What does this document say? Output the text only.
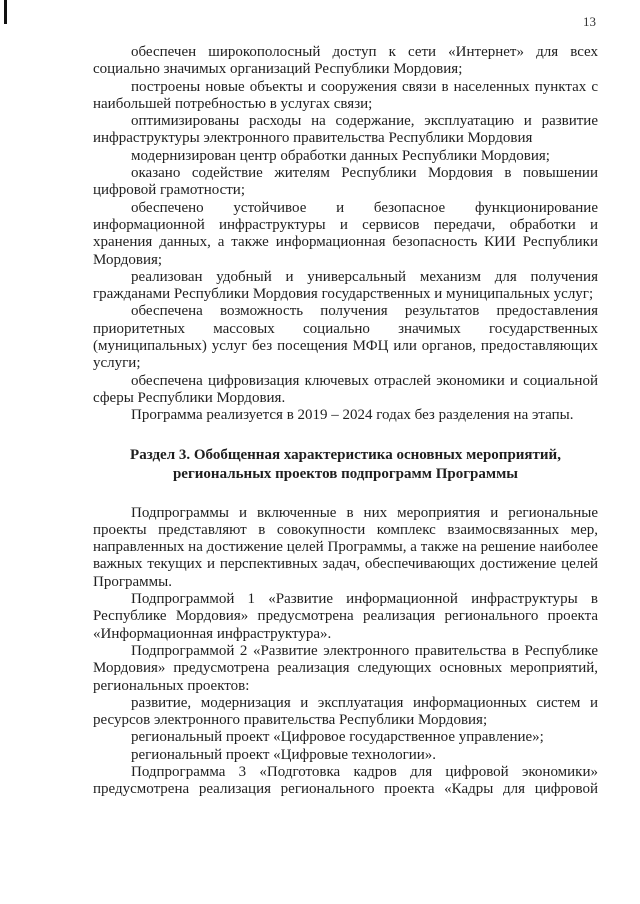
13

обеспечен широкополосный доступ к сети «Интернет» для всех социально значимых организаций Республики Мордовия;

построены новые объекты и сооружения связи в населенных пунктах с наибольшей потребностью в услугах связи;

оптимизированы расходы на содержание, эксплуатацию и развитие инфраструктуры электронного правительства Республики Мордовия

модернизирован центр обработки данных Республики Мордовия;

оказано содействие жителям Республики Мордовия в повышении цифровой грамотности;

обеспечено устойчивое и безопасное функционирование информационной инфраструктуры и сервисов передачи, обработки и хранения данных, а также информационная безопасность КИИ Республики Мордовия;

реализован удобный и универсальный механизм для получения гражданами Республики Мордовия государственных и муниципальных услуг;

обеспечена возможность получения результатов предоставления приоритетных массовых социально значимых государственных (муниципальных) услуг без посещения МФЦ или органов, предоставляющих услуги;

обеспечена цифровизация ключевых отраслей экономики и социальной сферы Республики Мордовия.

Программа реализуется в 2019 – 2024 годах без разделения на этапы.

Раздел 3. Обобщенная характеристика основных мероприятий,
региональных проектов подпрограмм Программы

Подпрограммы и включенные в них мероприятия и региональные проекты представляют в совокупности комплекс взаимосвязанных мер, направленных на достижение целей Программы, а также на решение наиболее важных текущих и перспективных задач, обеспечивающих достижение целей Программы.

Подпрограммой 1 «Развитие информационной инфраструктуры в Республике Мордовия» предусмотрена реализация регионального проекта «Информационная инфраструктура».

Подпрограммой 2 «Развитие электронного правительства в Республике Мордовия» предусмотрена реализация следующих основных мероприятий, региональных проектов:

развитие, модернизация и эксплуатация информационных систем и ресурсов электронного правительства Республики Мордовия;

региональный проект «Цифровое государственное управление»;

региональный проект «Цифровые технологии».

Подпрограмма 3 «Подготовка кадров для цифровой экономики» предусмотрена реализация регионального проекта «Кадры для цифровой
